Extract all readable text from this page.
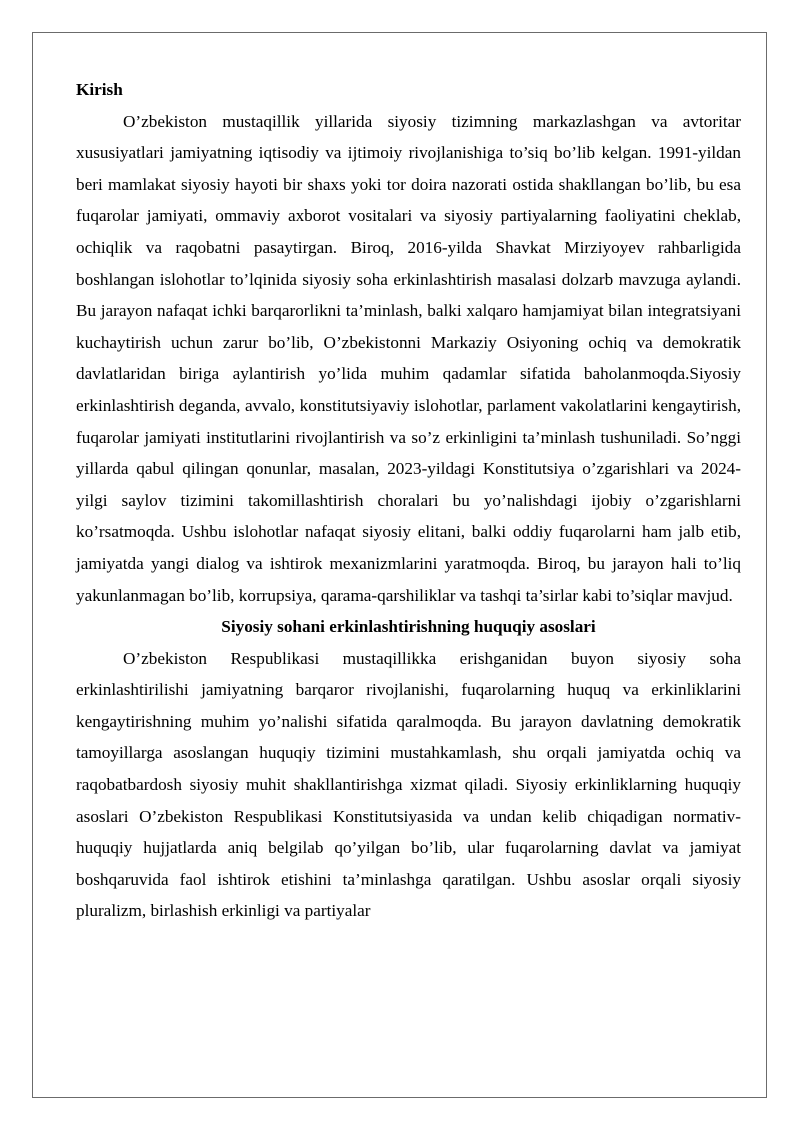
Kirish

O’zbekiston mustaqillik yillarida siyosiy tizimning markazlashgan va avtoritar xususiyatlari jamiyatning iqtisodiy va ijtimoiy rivojlanishiga to’siq bo’lib kelgan. 1991-yildan beri mamlakat siyosiy hayoti bir shaxs yoki tor doira nazorati ostida shakllangan bo’lib, bu esa fuqarolar jamiyati, ommaviy axborot vositalari va siyosiy partiyalarning faoliyatini cheklab, ochiqlik va raqobatni pasaytirgan. Biroq, 2016-yilda Shavkat Mirziyoyev rahbarligida boshlangan islohotlar to’lqinida siyosiy soha erkinlashtirish masalasi dolzarb mavzuga aylandi. Bu jarayon nafaqat ichki barqarorlikni ta’minlash, balki xalqaro hamjamiyat bilan integratsiyani kuchaytirish uchun zarur bo’lib, O’zbekistonni Markaziy Osiyoning ochiq va demokratik davlatlaridan biriga aylantirish yo’lida muhim qadamlar sifatida baholanmoqda.Siyosiy erkinlashtirish deganda, avvalo, konstitutsiyaviy islohotlar, parlament vakolatlarini kengaytirish, fuqarolar jamiyati institutlarini rivojlantirish va so’z erkinligini ta’minlash tushuniladi. So’nggi yillarda qabul qilingan qonunlar, masalan, 2023-yildagi Konstitutsiya o’zgarishlari va 2024-yilgi saylov tizimini takomillashtirish choralari bu yo’nalishdagi ijobiy o’zgarishlarni ko’rsatmoqda. Ushbu islohotlar nafaqat siyosiy elitani, balki oddiy fuqarolarni ham jalb etib, jamiyatda yangi dialog va ishtirok mexanizmlarini yaratmoqda. Biroq, bu jarayon hali to’liq yakunlanmagan bo’lib, korrupsiya, qarama-qarshiliklar va tashqi ta’sirlar kabi to’siqlar mavjud.

Siyosiy sohani erkinlashtirishning huquqiy asoslari

O’zbekiston Respublikasi mustaqillikka erishganidan buyon siyosiy soha erkinlashtirilishi jamiyatning barqaror rivojlanishi, fuqarolarning huquq va erkinliklarini kengaytirishning muhim yo’nalishi sifatida qaralmoqda. Bu jarayon davlatning demokratik tamoyillarga asoslangan huquqiy tizimini mustahkamlash, shu orqali jamiyatda ochiq va raqobatbardosh siyosiy muhit shakllantirishga xizmat qiladi. Siyosiy erkinliklarning huquqiy asoslari O’zbekiston Respublikasi Konstitutsiyasida va undan kelib chiqadigan normativ-huquqiy hujjatlarda aniq belgilab qo’yilgan bo’lib, ular fuqarolarning davlat va jamiyat boshqaruvida faol ishtirok etishini ta’minlashga qaratilgan. Ushbu asoslar orqali siyosiy pluralizm, birlashish erkinligi va partiyalar
